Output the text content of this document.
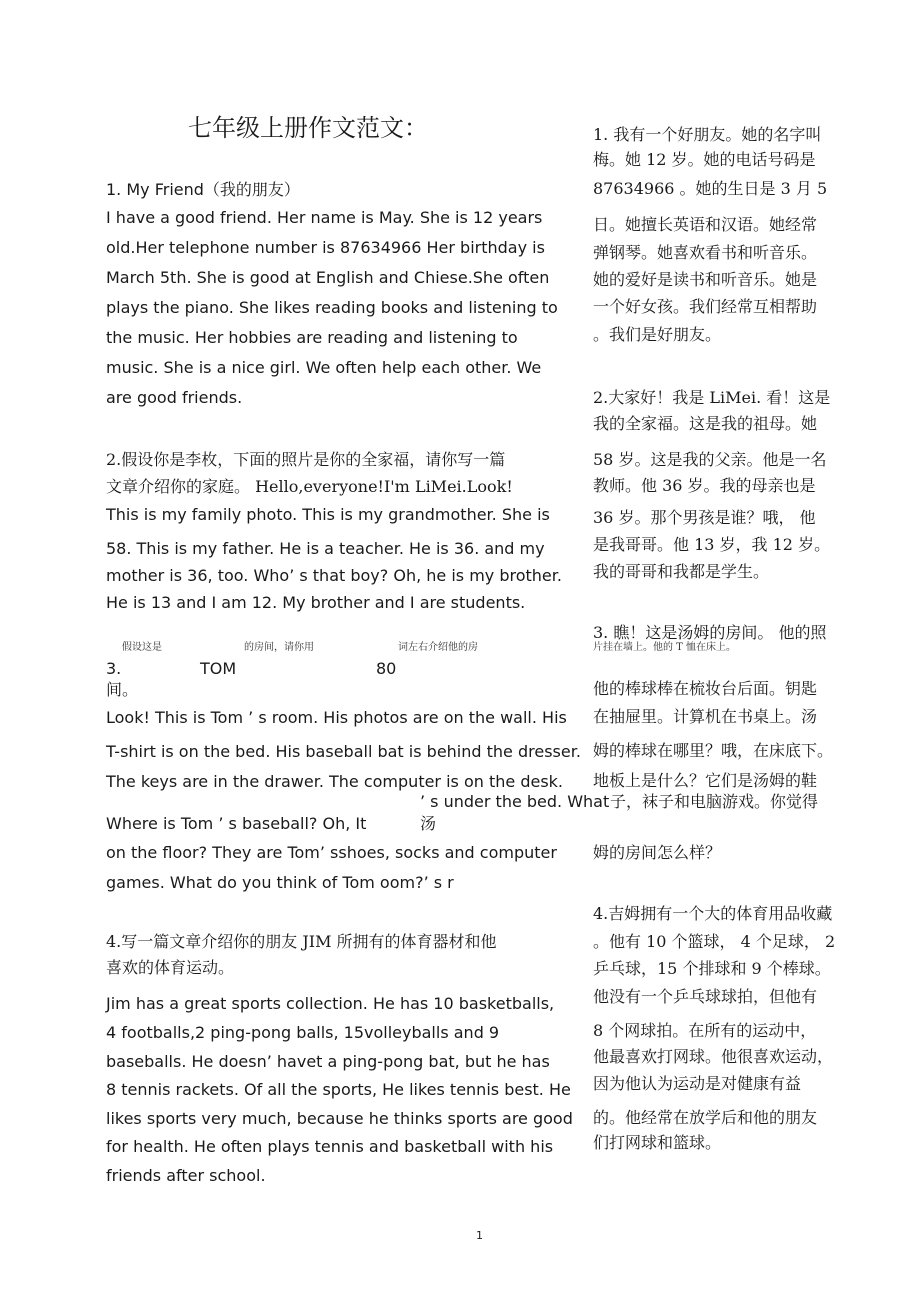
七年级上册作文范文：
1. My Friend（我的朋友）
I have a good friend. Her name is May. She is 12 years
old.Her telephone number is 87634966 Her birthday is
March 5th. She is good at English and Chiese.She often
plays the piano. She likes reading books and listening to
the music. Her hobbies are reading and listening to
music. She is a nice girl. We often help each other. We
are good friends.
2.假设你是李枚，下面的照片是你的全家福，请你写一篇
文章介绍你的家庭。 Hello,everyone!I'm LiMei.Look!
This is my family photo. This is my grandmother. She is
58. This is my father. He is a teacher. He is 36. and my
mother is 36, too. Who’ s that boy? Oh, he is my brother.
He is 13 and I am 12. My brother and I are students.
假设这是	的房间，请你用	词左右介绍他的房
3.	TOM	80
间。
Look! This is Tom ’ s room. His photos are on the wall. His
T-shirt is on the bed. His baseball bat is behind the dresser.
The keys are in the drawer. The computer is on the desk.
’ s under the bed. What
Where is Tom ’ s baseball? Oh, It	汤
on the floor? They are Tom’ sshoes, socks and computer
games. What do you think of Tom oom?’ s r
4.写一篇文章介绍你的朋友 JIM 所拥有的体育器材和他
喜欢的体育运动。
Jim has a great sports collection. He has 10 basketballs,
4 footballs,2 ping-pong balls, 15volleyballs and 9
baseballs. He doesn’ havet a ping-pong bat, but he has
8 tennis rackets. Of all the sports, He likes tennis best. He
likes sports very much, because he thinks sports are good
for health. He often plays tennis and basketball with his
friends after school.
1. 我有一个好朋友。她的名字叫
梅。她 12 岁。她的电话号码是
87634966 。她的生日是 3 月 5
日。她擅长英语和汉语。她经常
弹钢琴。她喜欢看书和听音乐。
她的爱好是读书和听音乐。她是
一个好女孩。我们经常互相帮助
。我们是好朋友。
2.大家好！我是 LiMei. 看！这是
我的全家福。这是我的祖母。她
58 岁。这是我的父亲。他是一名
教师。他 36 岁。我的母亲也是
36 岁。那个男孩是谁？哦， 他
是我哥哥。他 13 岁，我 12 岁。
我的哥哥和我都是学生。
3. 瞧！这是汤姆的房间。 他的照
片挂在墙上。他的 T 恤在床上。
他的棒球棒在梳妆台后面。钥匙
在抽屉里。计算机在书桌上。汤
姆的棒球在哪里？哦，在床底下。
地板上是什么？它们是汤姆的鞋
子，袜子和电脑游戏。你觉得
姆的房间怎么样？
4.吉姆拥有一个大的体育用品收藏
。他有 10 个篮球， 4 个足球， 2
乒乓球，15 个排球和 9 个棒球。
他没有一个乒乓球球拍，但他有
8 个网球拍。在所有的运动中，
他最喜欢打网球。他很喜欢运动，
因为他认为运动是对健康有益
的。他经常在放学后和他的朋友
们打网球和篮球。
1
